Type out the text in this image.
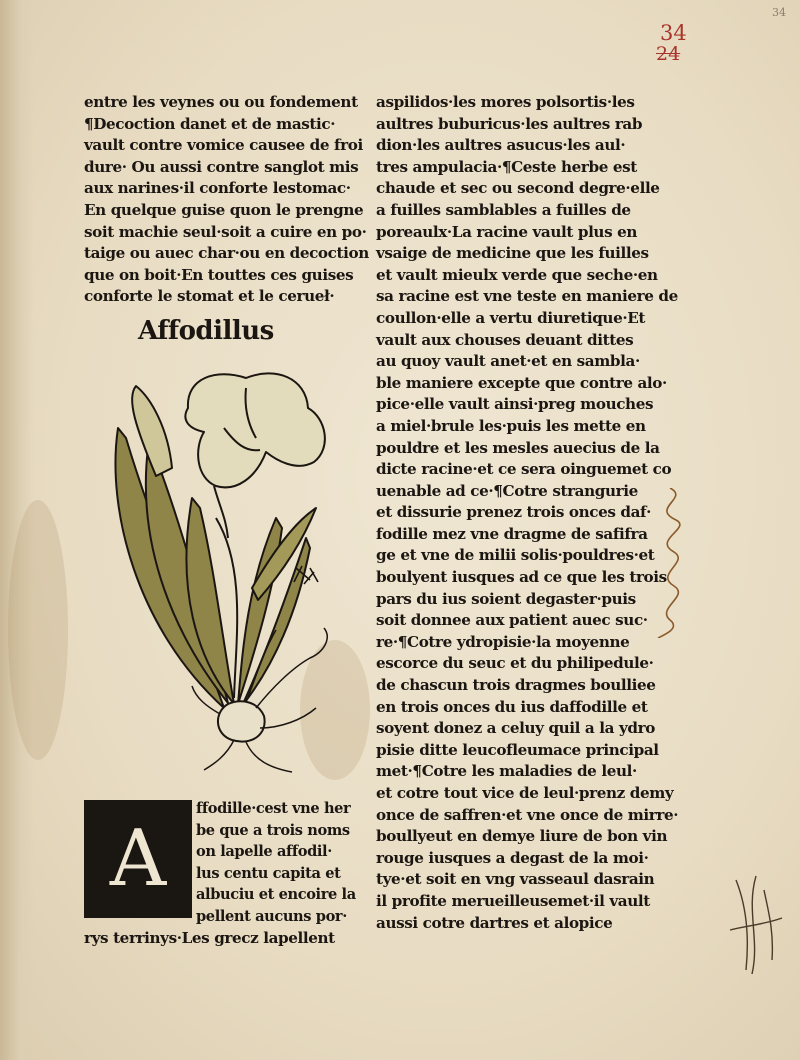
34
34
24
entre les veynes ou ou fondement
¶Decoction danet et de mastic·
vault contre vomice causee de froi
dure· Ou aussi contre sanglot mis
aux narines·il conforte lestomac·
En quelque guise quon le prengne
soit machie seul·soit a cuire en po·
taige ou auec char·ou en decoction
que on boit·En touttes ces guises
conforte le stomat et le cerueł·
Affodillus
A
ffodille·cest vne her
be que a trois noms
on lapelle affodil·
lus centu capita et
albuciu et encoire la
pellent aucuns por·
rys terrinys·Les grecz lapellent
aspilidos·les mores polsortis·les
aultres buburicus·les aultres rab
dion·les aultres asucus·les aul·
tres ampulacia·¶Ceste herbe est
chaude et sec ou second degre·elle
a fuilles samblables a fuilles de
poreaulx·La racine vault plus en
vsaige de medicine que les fuilles
et vault mieulx verde que seche·en
sa racine est vne teste en maniere de
coullon·elle a vertu diuretique·Et
vault aux chouses deuant dittes
au quoy vault anet·et en sambla·
ble maniere excepte que contre alo·
pice·elle vault ainsi·preg mouches
a miel·brule les·puis les mette en
pouldre et les mesles auecius de la
dicte racine·et ce sera oinguemet co
uenable ad ce·¶Cotre strangurie
et dissurie prenez trois onces daf·
fodille mez vne dragme de safifra
ge et vne de milii solis·pouldres·et
boulyent iusques ad ce que les trois
pars du ius soient degaster·puis
soit donnee aux patient auec suc·
re·¶Cotre ydropisie·la moyenne
escorce du seuc et du philipedule·
de chascun trois dragmes boulliee
en trois onces du ius daffodille et
soyent donez a celuy quil a la ydro
pisie ditte leucofleumace principal
met·¶Cotre les maladies de leul·
et cotre tout vice de leul·prenz demy
once de saffren·et vne once de mirre·
boullyeut en demye liure de bon vin
rouge iusques a degast de la moi·
tye·et soit en vng vasseaul dasrain
il profite merueilleusemet·il vault
aussi cotre dartres et alopice
